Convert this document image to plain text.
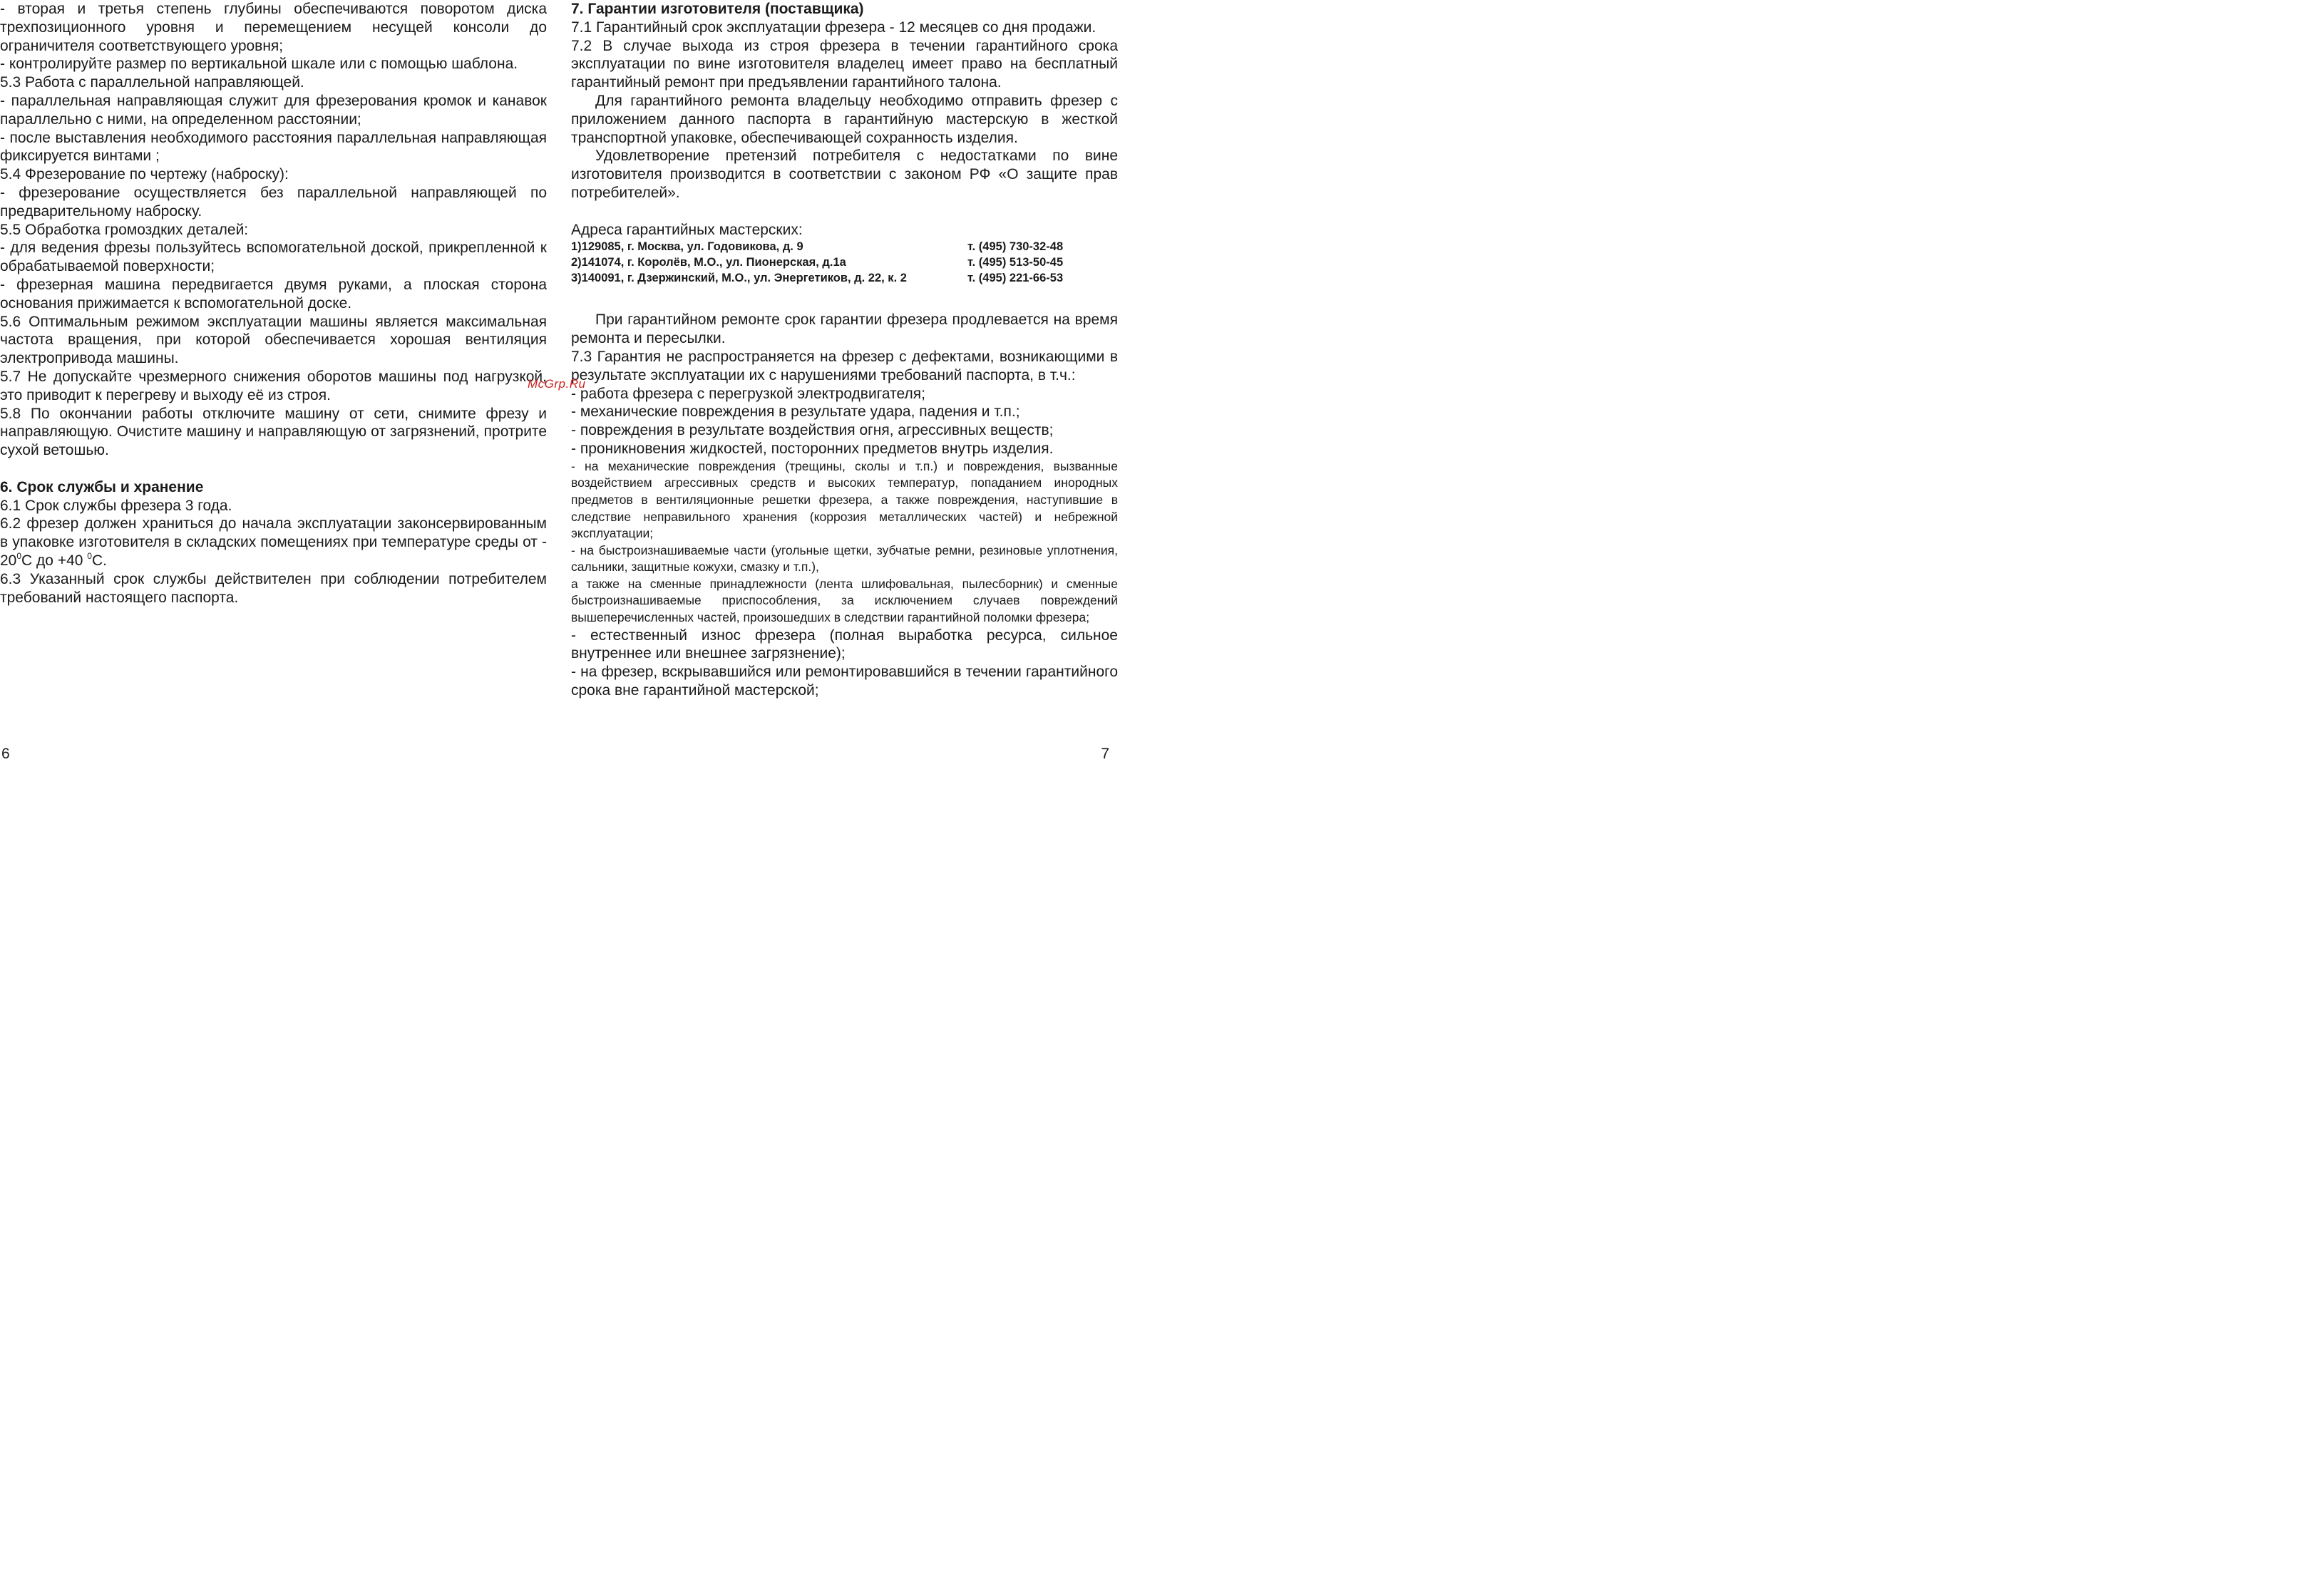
- вторая и третья степень глубины обеспечиваются поворотом диска трехпозиционного уровня и перемещением несущей консоли до ограничителя соответствующего уровня;

- контролируйте размер по вертикальной шкале или с помощью шаблона.

5.3 Работа с параллельной направляющей.

- параллельная направляющая служит для фрезерования кромок и канавок параллельно с ними, на определенном расстоянии;

- после выставления необходимого расстояния параллельная направляющая фиксируется винтами ;

5.4 Фрезерование по чертежу (наброску):

- фрезерование осуществляется без параллельной направляющей по предварительному наброску.

5.5 Обработка громоздких деталей:

- для ведения фрезы пользуйтесь вспомогательной доской, прикрепленной к обрабатываемой поверхности;

- фрезерная машина передвигается двумя руками, а плоская сторона основания прижимается к вспомогательной доске.

5.6 Оптимальным режимом эксплуатации машины является максимальная частота вращения, при которой обеспечивается хорошая вентиляция электропривода машины.

5.7 Не допускайте чрезмерного снижения оборотов машины под нагрузкой, это приводит к перегреву и выходу её из строя.

5.8 По окончании работы отключите машину от сети, снимите фрезу и направляющую. Очистите машину и направляющую от загрязнений, протрите сухой ветошью.

6. Срок службы и хранение

6.1 Срок службы фрезера 3 года.

6.2 фрезер должен храниться до начала эксплуатации законсервированным в упаковке изготовителя в складских помещениях при температуре среды от - $20^0С$ до +40 $^0$С.

6.3 Указанный срок службы действителен при соблюдении потребителем требований настоящего паспорта.

6

7. Гарантии изготовителя (поставщика)

7.1 Гарантийный срок эксплуатации фрезера - 12 месяцев со дня продажи.

7.2 В случае выхода из строя фрезера в течении гарантийного срока эксплуатации по вине изготовителя владелец имеет право на бесплатный гарантийный ремонт при предъявлении гарантийного талона.

Для гарантийного ремонта владельцу необходимо отправить фрезер с приложением данного паспорта в гарантийную мастерскую в жесткой транспортной упаковке, обеспечивающей сохранность изделия.

Удовлетворение претензий потребителя с недостатками по вине изготовителя производится в соответствии с законом РФ «О защите прав потребителей».

Адреса гарантийных мастерских:

1)129085, г. Москва, ул. Годовикова, д. 9	т. (495) 730-32-48
2)141074, г. Королёв, М.О., ул. Пионерская, д.1а	т. (495) 513-50-45
3)140091, г. Дзержинский, М.О., ул. Энергетиков, д. 22, к. 2	т. (495) 221-66-53

При гарантийном ремонте срок гарантии фрезера продлевается на время ремонта и пересылки.

7.3 Гарантия не распространяется на фрезер с дефектами, возникающими в результате эксплуатации их с нарушениями требований паспорта, в т.ч.:

- работа фрезера с перегрузкой электродвигателя;

- механические повреждения в результате удара, падения и т.п.;

- повреждения в результате воздействия огня, агрессивных веществ;

- проникновения жидкостей, посторонних предметов внутрь изделия.

- на механические повреждения (трещины, сколы и т.п.) и повреждения, вызванные воздействием агрессивных средств и высоких температур, попаданием инородных предметов в вентиляционные решетки фрезера, а также повреждения, наступившие в следствие неправильного хранения (коррозия металлических частей) и небрежной эксплуатации;

- на быстроизнашиваемые части (угольные щетки, зубчатые ремни, резиновые уплотнения, сальники, защитные кожухи, смазку и т.п.),

а также на сменные принадлежности (лента шлифовальная, пылесборник) и сменные быстроизнашиваемые приспособления, за исключением случаев повреждений вышеперечисленных частей, произошедших в следствии гарантийной поломки фрезера;

- естественный износ фрезера (полная выработка ресурса, сильное внутреннее или внешнее загрязнение);

- на фрезер, вскрывавшийся или ремонтировавшийся в течении гарантийного срока вне гарантийной мастерской;

7
McGrp.Ru
